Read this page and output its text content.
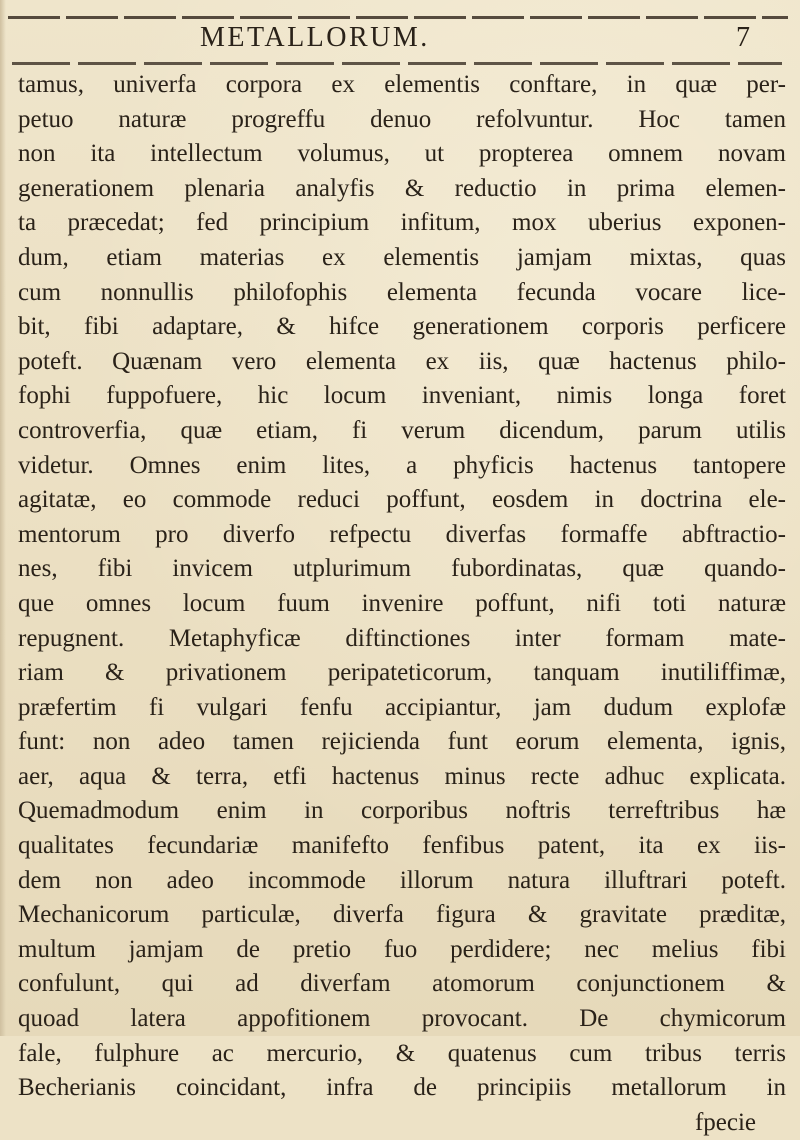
METALLORUM.	7
tamus, univerfa corpora ex elementis conftare, in quæ per-
petuo naturæ progreffu denuo refolvuntur. Hoc tamen
non ita intellectum volumus, ut propterea omnem novam
generationem plenaria analyfis & reductio in prima elemen-
ta præcedat; fed principium infitum, mox uberius exponen-
dum, etiam materias ex elementis jamjam mixtas, quas
cum nonnullis philofophis elementa fecunda vocare lice-
bit, fibi adaptare, & hifce generationem corporis perficere
poteft. Quænam vero elementa ex iis, quæ hactenus philo-
fophi fuppofuere, hic locum inveniant, nimis longa foret
controverfia, quæ etiam, fi verum dicendum, parum utilis
videtur. Omnes enim lites, a phyficis hactenus tantopere
agitatæ, eo commode reduci poffunt, eosdem in doctrina ele-
mentorum pro diverfo refpectu diverfas formaffe abftractio-
nes, fibi invicem utplurimum fubordinatas, quæ quando-
que omnes locum fuum invenire poffunt, nifi toti naturæ
repugnent. Metaphyficæ diftinctiones inter formam mate-
riam & privationem peripateticorum, tanquam inutiliffimæ,
præfertim fi vulgari fenfu accipiantur, jam dudum explofæ
funt: non adeo tamen rejicienda funt eorum elementa, ignis,
aer, aqua & terra, etfi hactenus minus recte adhuc explicata.
Quemadmodum enim in corporibus noftris terreftribus hæ
qualitates fecundariæ manifefto fenfibus patent, ita ex iis-
dem non adeo incommode illorum natura illuftrari poteft.
Mechanicorum particulæ, diverfa figura & gravitate præditæ,
multum jamjam de pretio fuo perdidere; nec melius fibi
confulunt, qui ad diverfam atomorum conjunctionem &
quoad latera appofitionem provocant. De chymicorum
fale, fulphure ac mercurio, & quatenus cum tribus terris
Becherianis coincidant, infra de principiis metallorum in
fpecie
